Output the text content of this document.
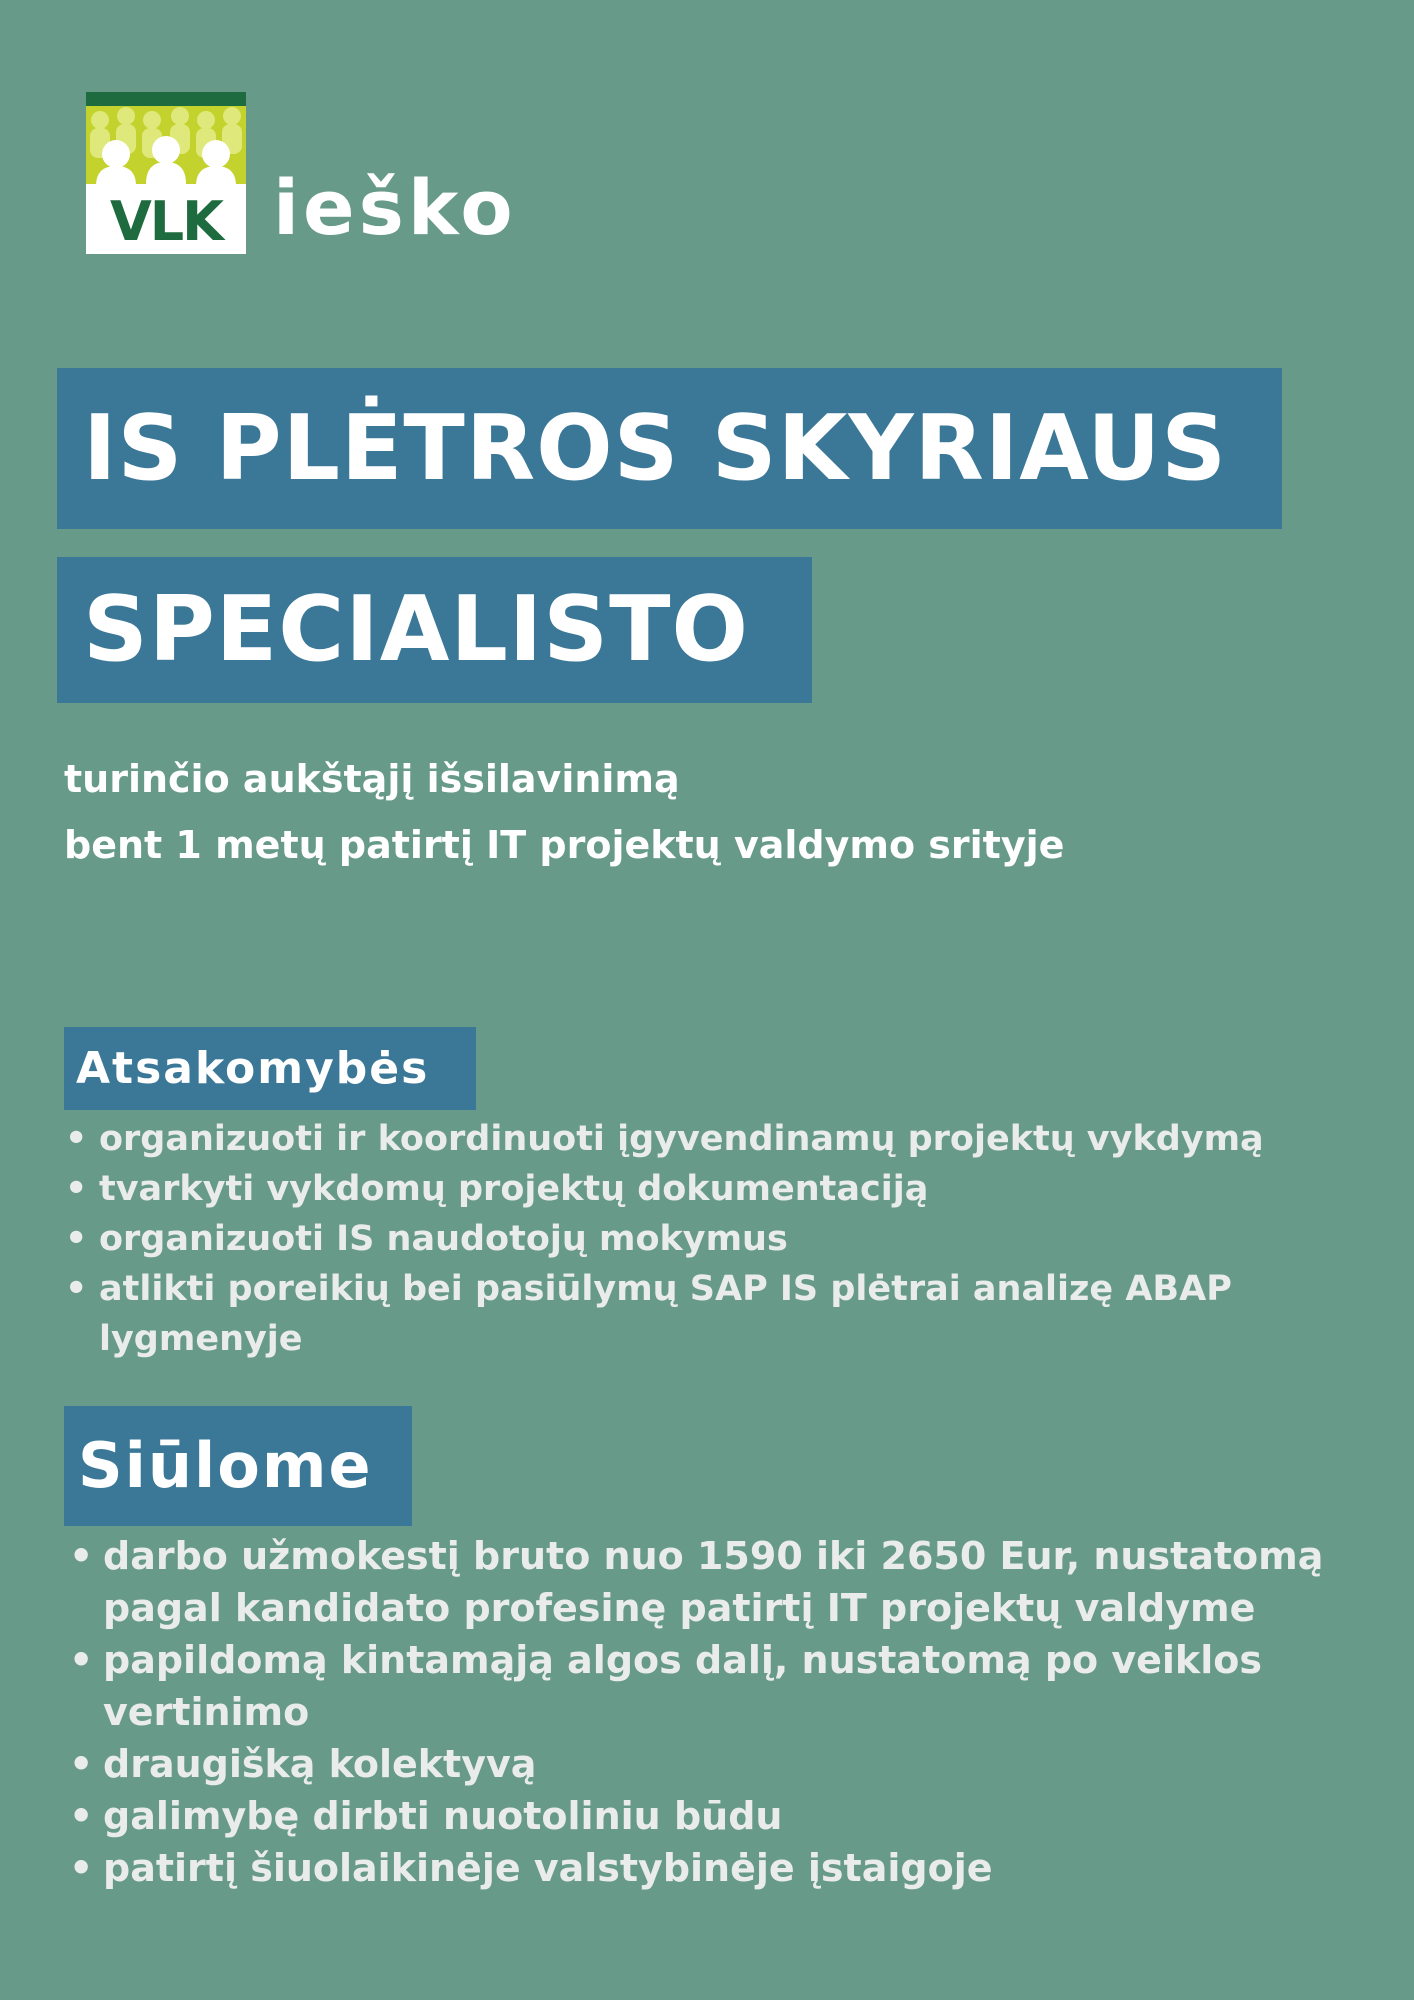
VLK ieško
IS PLĖTROS SKYRIAUS
SPECIALISTO

turinčio aukštąjį išsilavinimą

bent 1 metų patirtį IT projektų valdymo srityje

Atsakomybės
• organizuoti ir koordinuoti įgyvendinamų projektų vykdymą
• tvarkyti vykdomų projektų dokumentaciją
• organizuoti IS naudotojų mokymus
• atlikti poreikių bei pasiūlymų SAP IS plėtrai analizę ABAP lygmenyje
Siūlome
• darbo užmokestį bruto nuo 1590 iki 2650 Eur, nustatomą pagal kandidato profesinę patirtį IT projektų valdyme
• papildomą kintamąją algos dalį, nustatomą po veiklos vertinimo
• draugišką kolektyvą
• galimybę dirbti nuotoliniu būdu
• patirtį šiuolaikinėje valstybinėje įstaigoje
